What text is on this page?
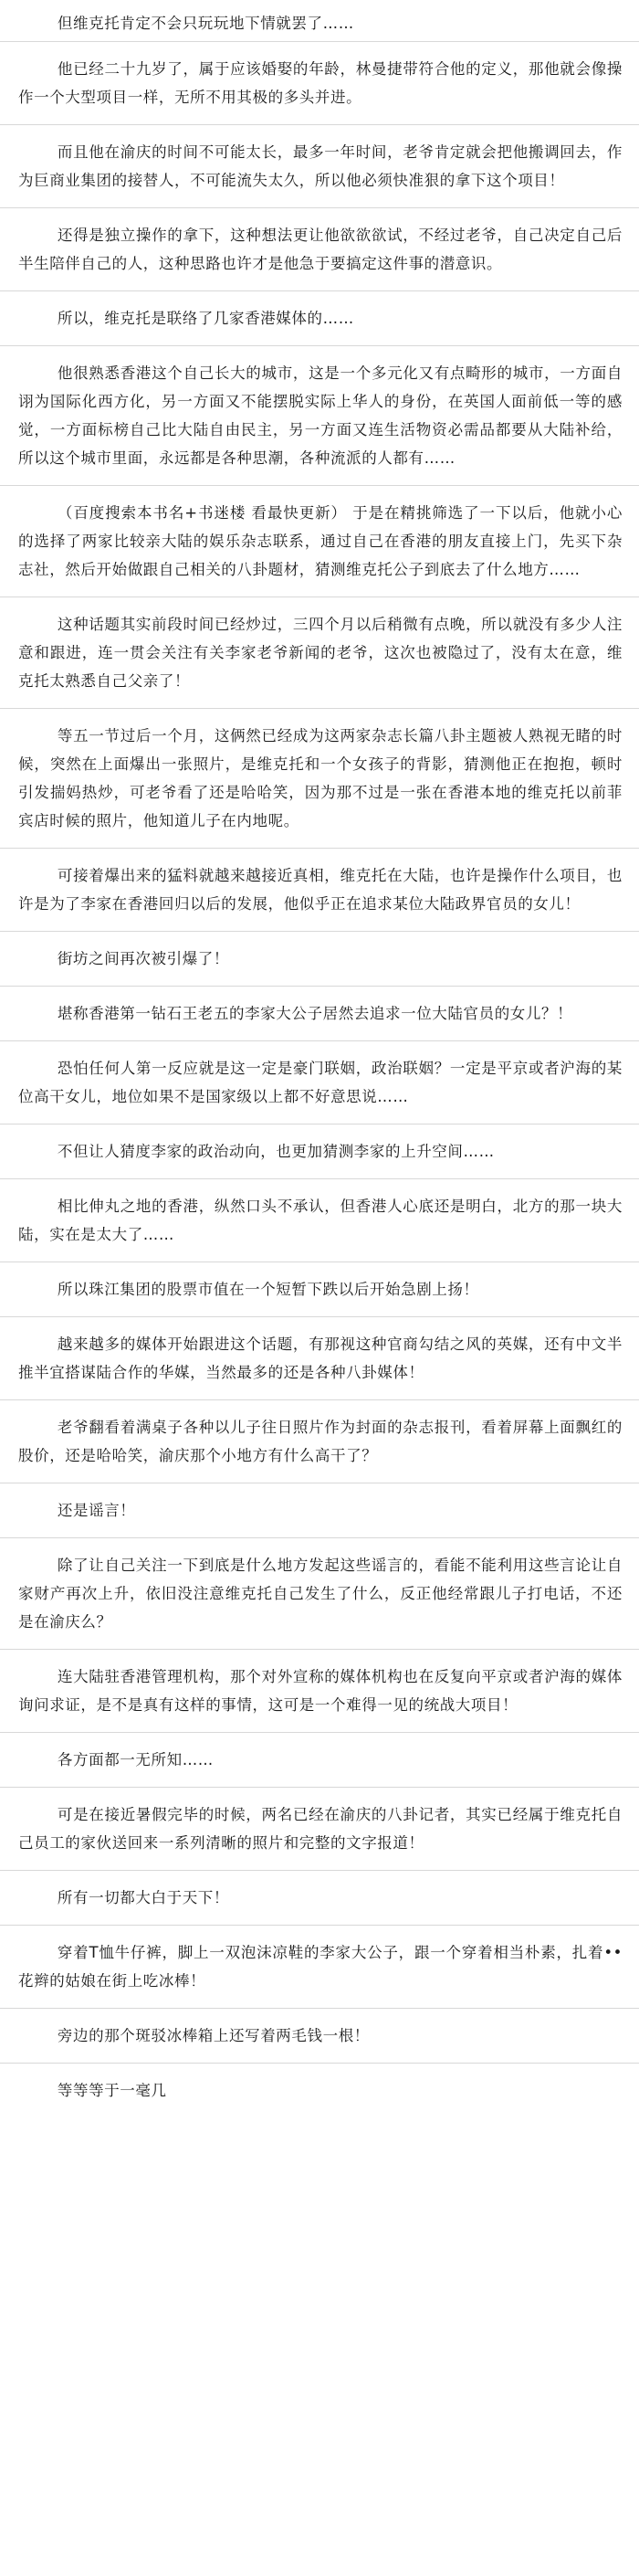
但维克托肯定不会只玩玩地下情就罢了……

他已经二十九岁了，属于应该婚娶的年龄，林曼捷带符合他的定义，那他就会像操作一个大型项目一样，无所不用其极的多头并进。

而且他在渝庆的时间不可能太长，最多一年时间，老爷肯定就会把他搬调回去，作为巨商业集团的接替人，不可能流失太久，所以他必须快准狠的拿下这个项目！

还得是独立操作的拿下，这种想法更让他欲欲欲试，不经过老爷，自己决定自己后半生陪伴自己的人，这种思路也许才是他急于要搞定这件事的潜意识。

所以，维克托是联络了几家香港媒体的……

他很熟悉香港这个自己长大的城市，这是一个多元化又有点畸形的城市，一方面自诩为国际化西方化，另一方面又不能摆脱实际上华人的身份，在英国人面前低一等的感觉，一方面标榜自己比大陆自由民主，另一方面又连生活物资必需品都要从大陆补给，所以这个城市里面，永远都是各种思潮，各种流派的人都有……

（百度搜索本书名+书迷楼 看最快更新） 于是在精挑筛选了一下以后，他就小心的选择了两家比较亲大陆的娱乐杂志联系，通过自己在香港的朋友直接上门，先买下杂志社，然后开始做跟自己相关的八卦题材，猜测维克托公子到底去了什么地方……

这种话题其实前段时间已经炒过，三四个月以后稍微有点晚，所以就没有多少人注意和跟进，连一贯会关注有关李家老爷新闻的老爷，这次也被隐过了，没有太在意，维克托太熟悉自己父亲了！

等五一节过后一个月，这俩然已经成为这两家杂志长篇八卦主题被人熟视无睹的时候，突然在上面爆出一张照片，是维克托和一个女孩子的背影，猜测他正在抱抱，顿时引发揣妈热炒，可老爷看了还是哈哈笑，因为那不过是一张在香港本地的维克托以前菲宾店时候的照片，他知道儿子在内地呢。

可接着爆出来的猛料就越来越接近真相，维克托在大陆，也许是操作什么项目，也许是为了李家在香港回归以后的发展，他似乎正在追求某位大陆政界官员的女儿！

街坊之间再次被引爆了！

堪称香港第一钻石王老五的李家大公子居然去追求一位大陆官员的女儿？！

恐怕任何人第一反应就是这一定是豪门联姻，政治联姻？一定是平京或者沪海的某位高干女儿，地位如果不是国家级以上都不好意思说……

不但让人猜度李家的政治动向，也更加猜测李家的上升空间……

相比伸丸之地的香港，纵然口头不承认，但香港人心底还是明白，北方的那一块大陆，实在是太大了……

所以珠江集团的股票市值在一个短暂下跌以后开始急剧上扬！

越来越多的媒体开始跟进这个话题，有那视这种官商勾结之风的英媒，还有中文半推半宜搭谋陆合作的华媒，当然最多的还是各种八卦媒体！

老爷翻看着满桌子各种以儿子往日照片作为封面的杂志报刊，看着屏幕上面飘红的股价，还是哈哈笑，渝庆那个小地方有什么高干了？

还是谣言！

除了让自己关注一下到底是什么地方发起这些谣言的，看能不能利用这些言论让自家财产再次上升，依旧没注意维克托自己发生了什么，反正他经常跟儿子打电话，不还是在渝庆么？

连大陆驻香港管理机构，那个对外宣称的媒体机构也在反复向平京或者沪海的媒体询问求证，是不是真有这样的事情，这可是一个难得一见的统战大项目！

各方面都一无所知……

可是在接近暑假完毕的时候，两名已经在渝庆的八卦记者，其实已经属于维克托自己员工的家伙送回来一系列清晰的照片和完整的文字报道！

所有一切都大白于天下！

穿着T恤牛仔裤，脚上一双泡沫凉鞋的李家大公子，跟一个穿着相当朴素，扎着••花辫的姑娘在街上吃冰棒！

旁边的那个斑驳冰棒箱上还写着两毛钱一根！

等等等于一毫几
